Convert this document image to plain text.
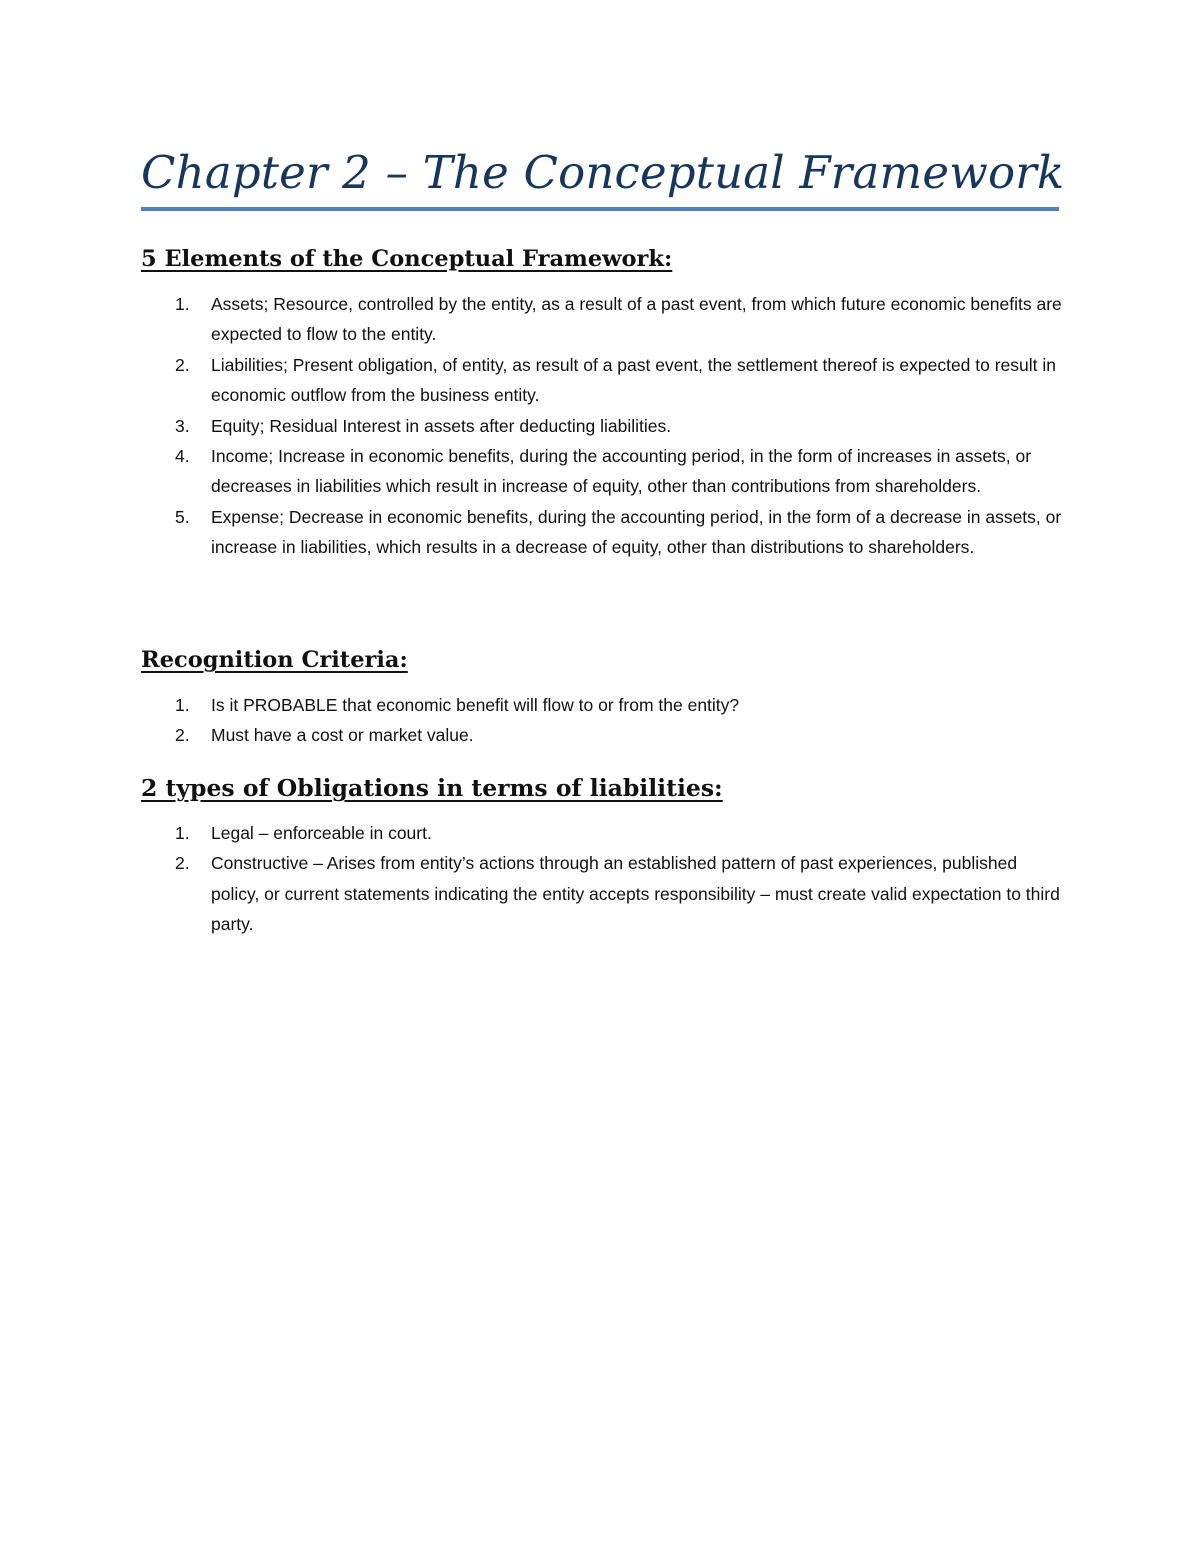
Chapter 2 – The Conceptual Framework
5 Elements of the Conceptual Framework:
1. Assets; Resource, controlled by the entity, as a result of a past event, from which future economic benefits are expected to flow to the entity.
2. Liabilities; Present obligation, of entity, as result of a past event, the settlement thereof is expected to result in economic outflow from the business entity.
3. Equity; Residual Interest in assets after deducting liabilities.
4. Income; Increase in economic benefits, during the accounting period, in the form of increases in assets, or decreases in liabilities which result in increase of equity, other than contributions from shareholders.
5. Expense; Decrease in economic benefits, during the accounting period, in the form of a decrease in assets, or increase in liabilities, which results in a decrease of equity, other than distributions to shareholders.
Recognition Criteria:
1. Is it PROBABLE that economic benefit will flow to or from the entity?
2. Must have a cost or market value.
2 types of Obligations in terms of liabilities:
1. Legal – enforceable in court.
2. Constructive – Arises from entity’s actions through an established pattern of past experiences, published policy, or current statements indicating the entity accepts responsibility – must create valid expectation to third party.
